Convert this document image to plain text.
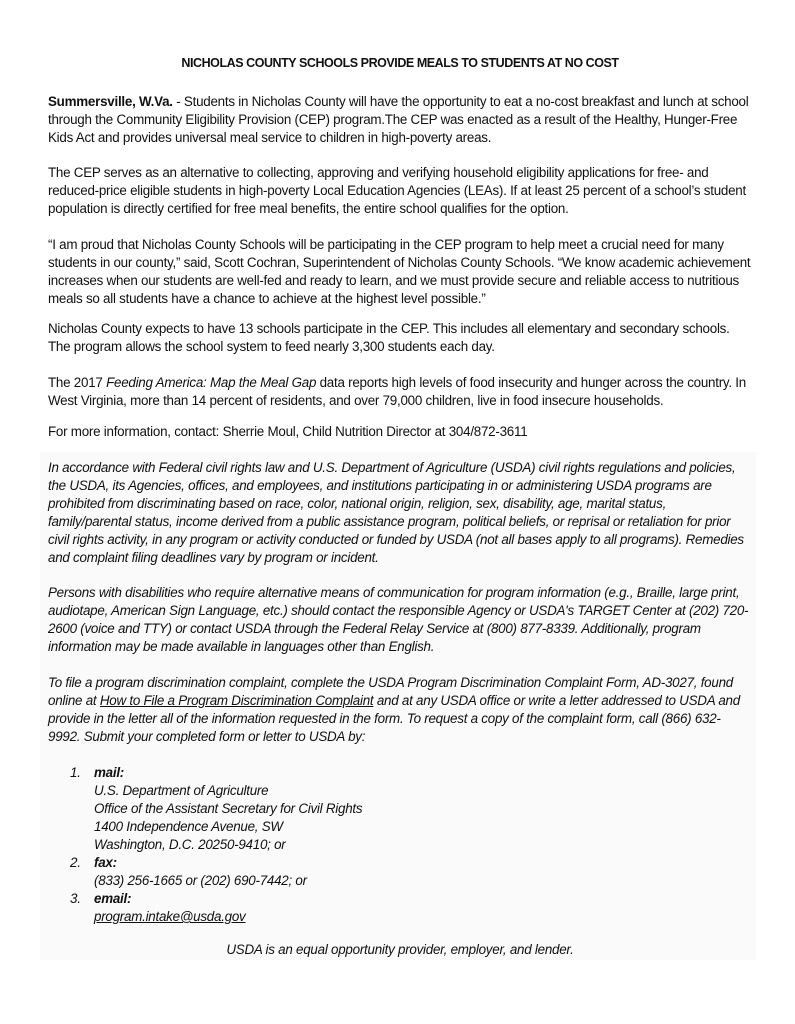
NICHOLAS COUNTY SCHOOLS PROVIDE MEALS TO STUDENTS AT NO COST

Summersville, W.Va. - Students in Nicholas County will have the opportunity to eat a no-cost breakfast and lunch at school through the Community Eligibility Provision (CEP) program.The CEP was enacted as a result of the Healthy, Hunger-Free Kids Act and provides universal meal service to children in high-poverty areas.

The CEP serves as an alternative to collecting, approving and verifying household eligibility applications for free- and reduced-price eligible students in high-poverty Local Education Agencies (LEAs). If at least 25 percent of a school’s student population is directly certified for free meal benefits, the entire school qualifies for the option.

“I am proud that Nicholas County Schools will be participating in the CEP program to help meet a crucial need for many students in our county,” said, Scott Cochran, Superintendent of Nicholas County Schools. “We know academic achievement increases when our students are well-fed and ready to learn, and we must provide secure and reliable access to nutritious meals so all students have a chance to achieve at the highest level possible.”

Nicholas County expects to have 13 schools participate in the CEP. This includes all elementary and secondary schools. The program allows the school system to feed nearly 3,300 students each day.

The 2017 Feeding America: Map the Meal Gap data reports high levels of food insecurity and hunger across the country. In West Virginia, more than 14 percent of residents, and over 79,000 children, live in food insecure households.

For more information, contact: Sherrie Moul, Child Nutrition Director at 304/872-3611

In accordance with Federal civil rights law and U.S. Department of Agriculture (USDA) civil rights regulations and policies, the USDA, its Agencies, offices, and employees, and institutions participating in or administering USDA programs are prohibited from discriminating based on race, color, national origin, religion, sex, disability, age, marital status, family/parental status, income derived from a public assistance program, political beliefs, or reprisal or retaliation for prior civil rights activity, in any program or activity conducted or funded by USDA (not all bases apply to all programs). Remedies and complaint filing deadlines vary by program or incident.

Persons with disabilities who require alternative means of communication for program information (e.g., Braille, large print, audiotape, American Sign Language, etc.) should contact the responsible Agency or USDA's TARGET Center at (202) 720-2600 (voice and TTY) or contact USDA through the Federal Relay Service at (800) 877-8339. Additionally, program information may be made available in languages other than English.

To file a program discrimination complaint, complete the USDA Program Discrimination Complaint Form, AD-3027, found online at How to File a Program Discrimination Complaint and at any USDA office or write a letter addressed to USDA and provide in the letter all of the information requested in the form. To request a copy of the complaint form, call (866) 632-9992. Submit your completed form or letter to USDA by:

1. mail:
U.S. Department of Agriculture
Office of the Assistant Secretary for Civil Rights
1400 Independence Avenue, SW
Washington, D.C. 20250-9410; or
2. fax:
(833) 256-1665 or (202) 690-7442; or
3. email:
program.intake@usda.gov
USDA is an equal opportunity provider, employer, and lender.
